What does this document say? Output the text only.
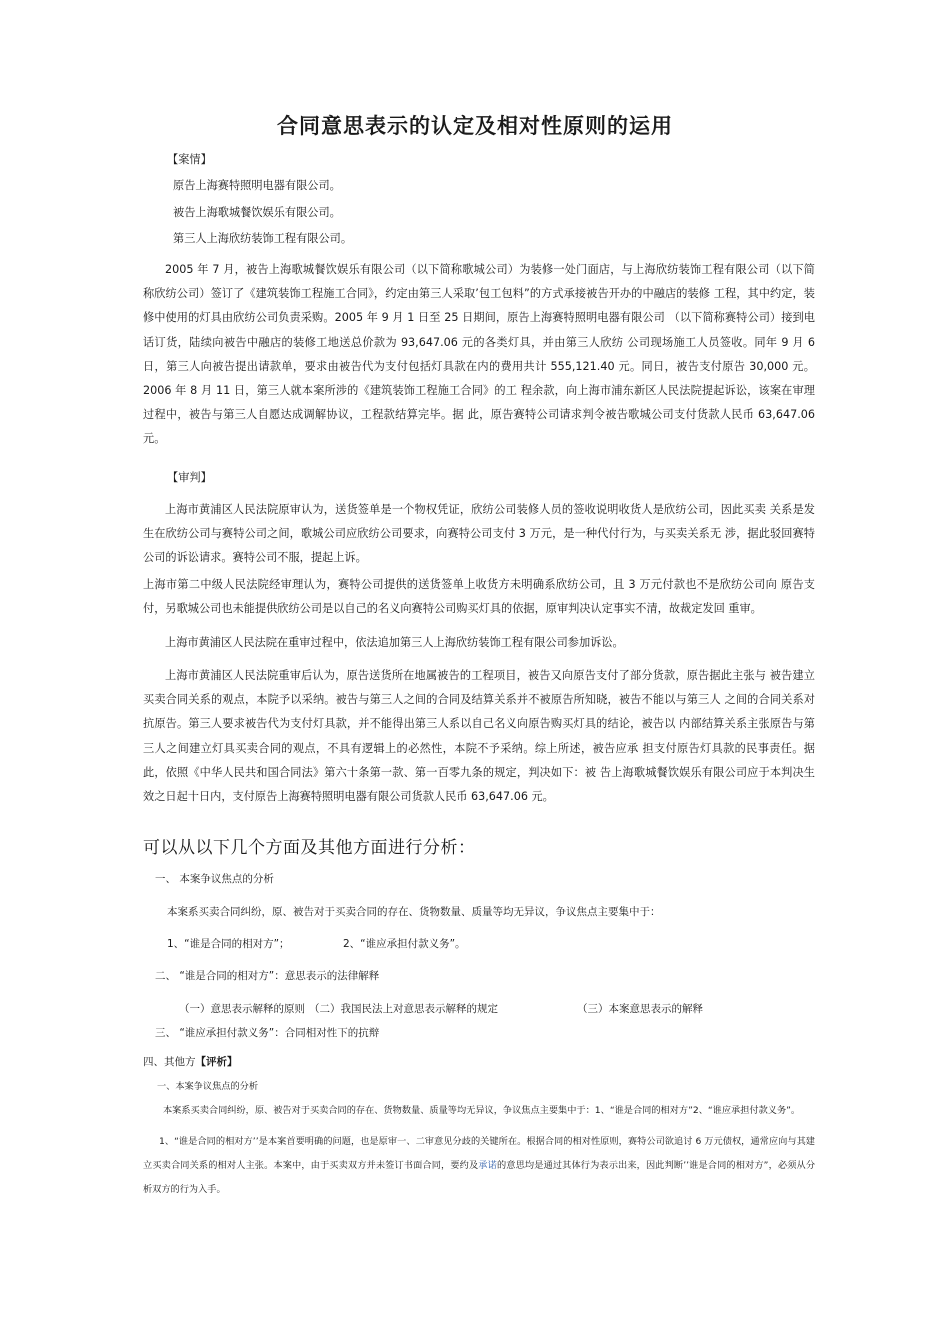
合同意思表示的认定及相对性原则的运用
【案情】
原告上海赛特照明电器有限公司。
被告上海歌城餐饮娱乐有限公司。
第三人上海欣纺装饰工程有限公司。

2005 年 7 月，被告上海歌城餐饮娱乐有限公司（以下简称歌城公司）为装修一处门面店，与上海欣纺装饰工程有限公司（以下简称欣纺公司）签订了《建筑装饰工程施工合同》，约定由第三人采取’包工包料”的方式承接被告开办的中融店的装修 工程，其中约定，装修中使用的灯具由欣纺公司负责采购。2005 年 9 月 1 日至 25 日期间，原告上海赛特照明电器有限公司 （以下简称赛特公司）接到电话订货，陆续向被告中融店的装修工地送总价款为 93,647.06 元的各类灯具，并由第三人欣纺 公司现场施工人员签收。同年 9 月 6 日，第三人向被告提出请款单，要求由被告代为支付包括灯具款在内的费用共计 555,121.40 元。同日，被告支付原告 30,000 元。2006 年 8 月 11 日，第三人就本案所涉的《建筑装饰工程施工合同》的工 程余款，向上海市浦东新区人民法院提起诉讼，该案在审理过程中，被告与第三人自愿达成调解协议，工程款结算完毕。据 此，原告赛特公司请求判令被告歌城公司支付货款人民币 63,647.06 元。

【审判】

上海市黄浦区人民法院原审认为，送货签单是一个物权凭证，欣纺公司装修人员的签收说明收货人是欣纺公司，因此买卖 关系是发生在欣纺公司与赛特公司之间，歌城公司应欣纺公司要求，向赛特公司支付 3 万元，是一种代付行为，与买卖关系无 涉，据此驳回赛特公司的诉讼请求。赛特公司不服，提起上诉。

上海市第二中级人民法院经审理认为，赛特公司提供的送货签单上收货方未明确系欣纺公司，且 3 万元付款也不是欣纺公司向 原告支付，另歌城公司也未能提供欣纺公司是以自己的名义向赛特公司购买灯具的依据，原审判决认定事实不清，故裁定发回 重审。

上海市黄浦区人民法院在重审过程中，依法追加第三人上海欣纺装饰工程有限公司参加诉讼。

上海市黄浦区人民法院重审后认为，原告送货所在地属被告的工程项目，被告又向原告支付了部分货款，原告据此主张与 被告建立买卖合同关系的观点，本院予以采纳。被告与第三人之间的合同及结算关系并不被原告所知晓，被告不能以与第三人 之间的合同关系对抗原告。第三人要求被告代为支付灯具款，并不能得出第三人系以自己名义向原告购买灯具的结论，被告以 内部结算关系主张原告与第三人之间建立灯具买卖合同的观点，不具有逻辑上的必然性，本院不予采纳。综上所述，被告应承 担支付原告灯具款的民事责任。据此，依照《中华人民共和国合同法》第六十条第一款、第一百零九条的规定，判决如下：被 告上海歌城餐饮娱乐有限公司应于本判决生效之日起十日内，支付原告上海赛特照明电器有限公司货款人民币 63,647.06 元。

可以从以下几个方面及其他方面进行分析：
一、 本案争议焦点的分析
本案系买卖合同纠纷，原、被告对于买卖合同的存在、货物数量、质量等均无异议，争议焦点主要集中于：
1、“谁是合同的相对方”；	2、“谁应承担付款义务”。
二、 “谁是合同的相对方”：意思表示的法律解释
（一）意思表示解释的原则 （二）我国民法上对意思表示解释的规定	（三）本案意思表示的解释
三、 “谁应承担付款义务”：合同相对性下的抗辩
四、其他方【评析】
一、本案争议焦点的分析
本案系买卖合同纠纷，原、被告对于买卖合同的存在、货物数量、质量等均无异议，争议焦点主要集中于：1、“谁是合同的相对方”2、“谁应承担付款义务”。

1、“谁是合同的相对方’’是本案首要明确的问题，也是原审一、二审意见分歧的关键所在。根据合同的相对性原则，赛特公司欲追讨 6 万元债权，通常应向与其建立买卖合同关系的相对人主张。本案中，由于买卖双方并未签订书面合同，要约及承诺的意思均是通过其体行为表示出来，因此判断’’谁是合同的相对方”，必须从分析双方的行为入手。
